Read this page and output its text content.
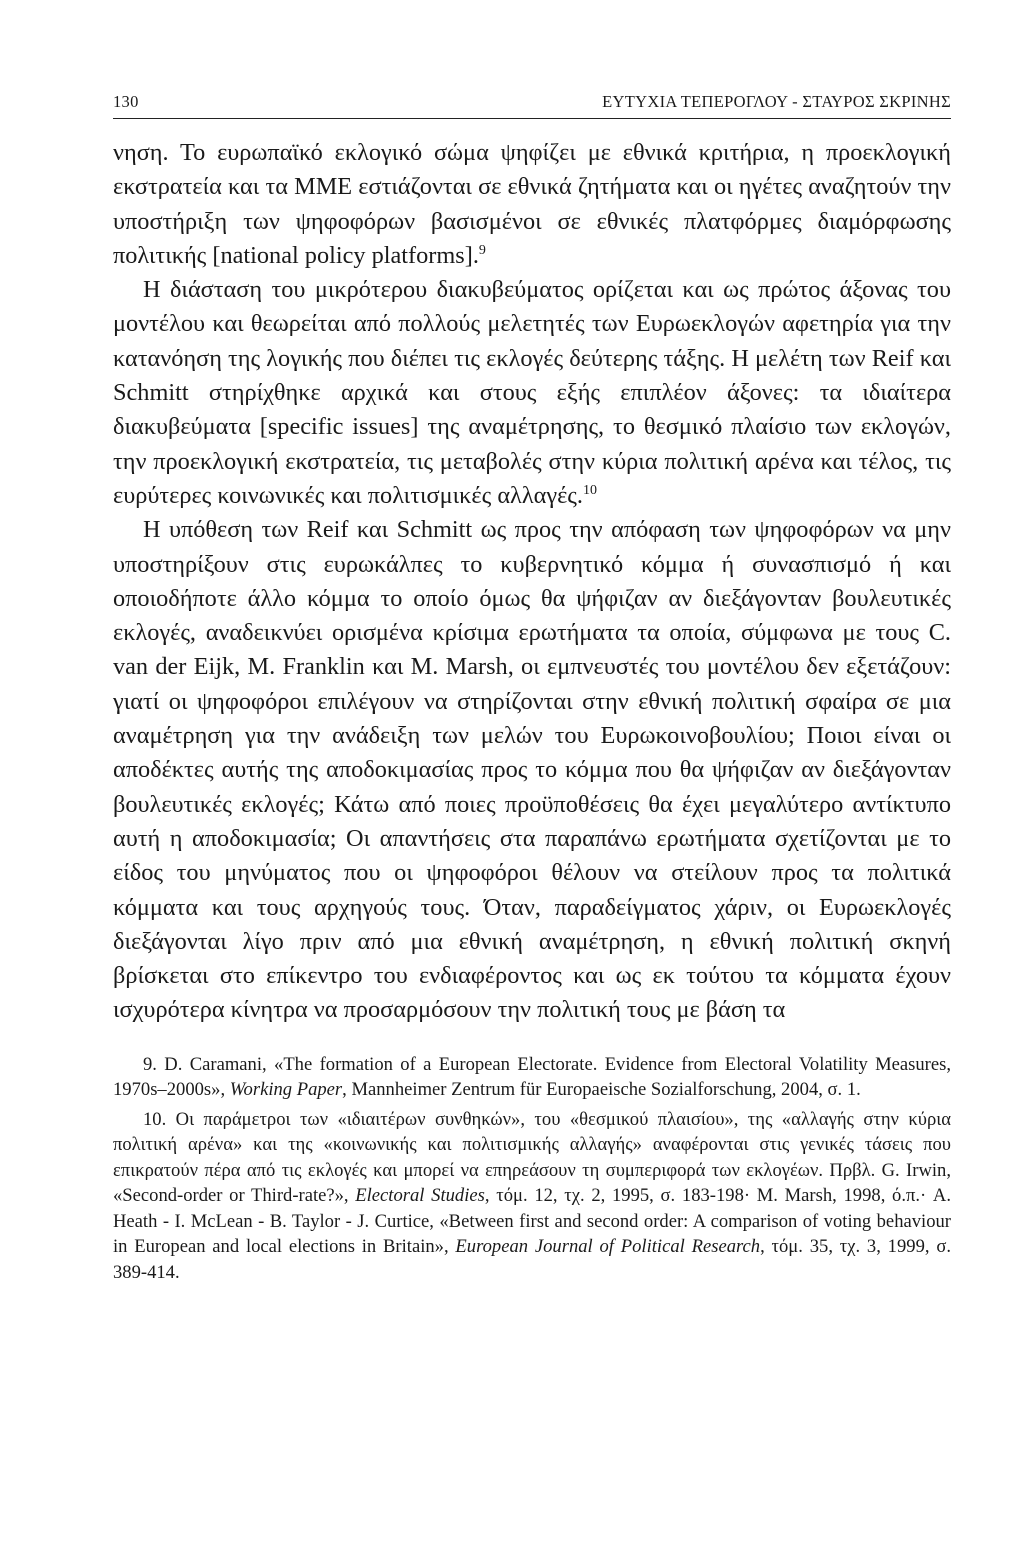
130	ΕΥΤΥΧΙΑ ΤΕΠΕΡΟΓΛΟΥ - ΣΤΑΥΡΟΣ ΣΚΡΙΝΗΣ

νηση. Το ευρωπαϊκό εκλογικό σώμα ψηφίζει με εθνικά κριτήρια, η προεκλογική εκστρατεία και τα ΜΜΕ εστιάζονται σε εθνικά ζητήματα και οι ηγέτες αναζητούν την υποστήριξη των ψηφοφόρων βασισμένοι σε εθνικές πλατφόρμες διαμόρφωσης πολιτικής [national policy platforms].$^9$

Η διάσταση του μικρότερου διακυβεύματος ορίζεται και ως πρώτος άξονας του μοντέλου και θεωρείται από πολλούς μελετητές των Ευρωεκλογών αφετηρία για την κατανόηση της λογικής που διέπει τις εκλογές δεύτερης τάξης. Η μελέτη των Reif και Schmitt στηρίχθηκε αρχικά και στους εξής επιπλέον άξονες: τα ιδιαίτερα διακυβεύματα [specific issues] της αναμέτρησης, το θεσμικό πλαίσιο των εκλογών, την προεκλογική εκστρατεία, τις μεταβολές στην κύρια πολιτική αρένα και τέλος, τις ευρύτερες κοινωνικές και πολιτισμικές αλλαγές.$^{10}$

Η υπόθεση των Reif και Schmitt ως προς την απόφαση των ψηφοφόρων να μην υποστηρίξουν στις ευρωκάλπες το κυβερνητικό κόμμα ή συνασπισμό ή και οποιοδήποτε άλλο κόμμα το οποίο όμως θα ψήφιζαν αν διεξάγονταν βουλευτικές εκλογές, αναδεικνύει ορισμένα κρίσιμα ερωτήματα τα οποία, σύμφωνα με τους C. van der Eijk, M. Franklin και M. Marsh, οι εμπνευστές του μοντέλου δεν εξετάζουν: γιατί οι ψηφοφόροι επιλέγουν να στηρίζονται στην εθνική πολιτική σφαίρα σε μια αναμέτρηση για την ανάδειξη των μελών του Ευρωκοινοβουλίου; Ποιοι είναι οι αποδέκτες αυτής της αποδοκιμασίας προς το κόμμα που θα ψήφιζαν αν διεξάγονταν βουλευτικές εκλογές; Κάτω από ποιες προϋποθέσεις θα έχει μεγαλύτερο αντίκτυπο αυτή η αποδοκιμασία; Οι απαντήσεις στα παραπάνω ερωτήματα σχετίζονται με το είδος του μηνύματος που οι ψηφοφόροι θέλουν να στείλουν προς τα πολιτικά κόμματα και τους αρχηγούς τους. Όταν, παραδείγματος χάριν, οι Ευρωεκλογές διεξάγονται λίγο πριν από μια εθνική αναμέτρηση, η εθνική πολιτική σκηνή βρίσκεται στο επίκεντρο του ενδιαφέροντος και ως εκ τούτου τα κόμματα έχουν ισχυρότερα κίνητρα να προσαρμόσουν την πολιτική τους με βάση τα

9. D. Caramani, «The formation of a European Electorate. Evidence from Electoral Volatility Measures, 1970s–2000s», Working Paper, Mannheimer Zentrum für Europaeische Sozialforschung, 2004, σ. 1.

10. Οι παράμετροι των «ιδιαιτέρων συνθηκών», του «θεσμικού πλαισίου», της «αλλαγής στην κύρια πολιτική αρένα» και της «κοινωνικής και πολιτισμικής αλλαγής» αναφέρονται στις γενικές τάσεις που επικρατούν πέρα από τις εκλογές και μπορεί να επηρεάσουν τη συμπεριφορά των εκλογέων. Πρβλ. G. Irwin, «Second-order or Third-rate?», Electoral Studies, τόμ. 12, τχ. 2, 1995, σ. 183-198· M. Marsh, 1998, ό.π.· A. Heath - I. McLean - B. Taylor - J. Curtice, «Between first and second order: A comparison of voting behaviour in European and local elections in Britain», European Journal of Political Research, τόμ. 35, τχ. 3, 1999, σ. 389-414.
